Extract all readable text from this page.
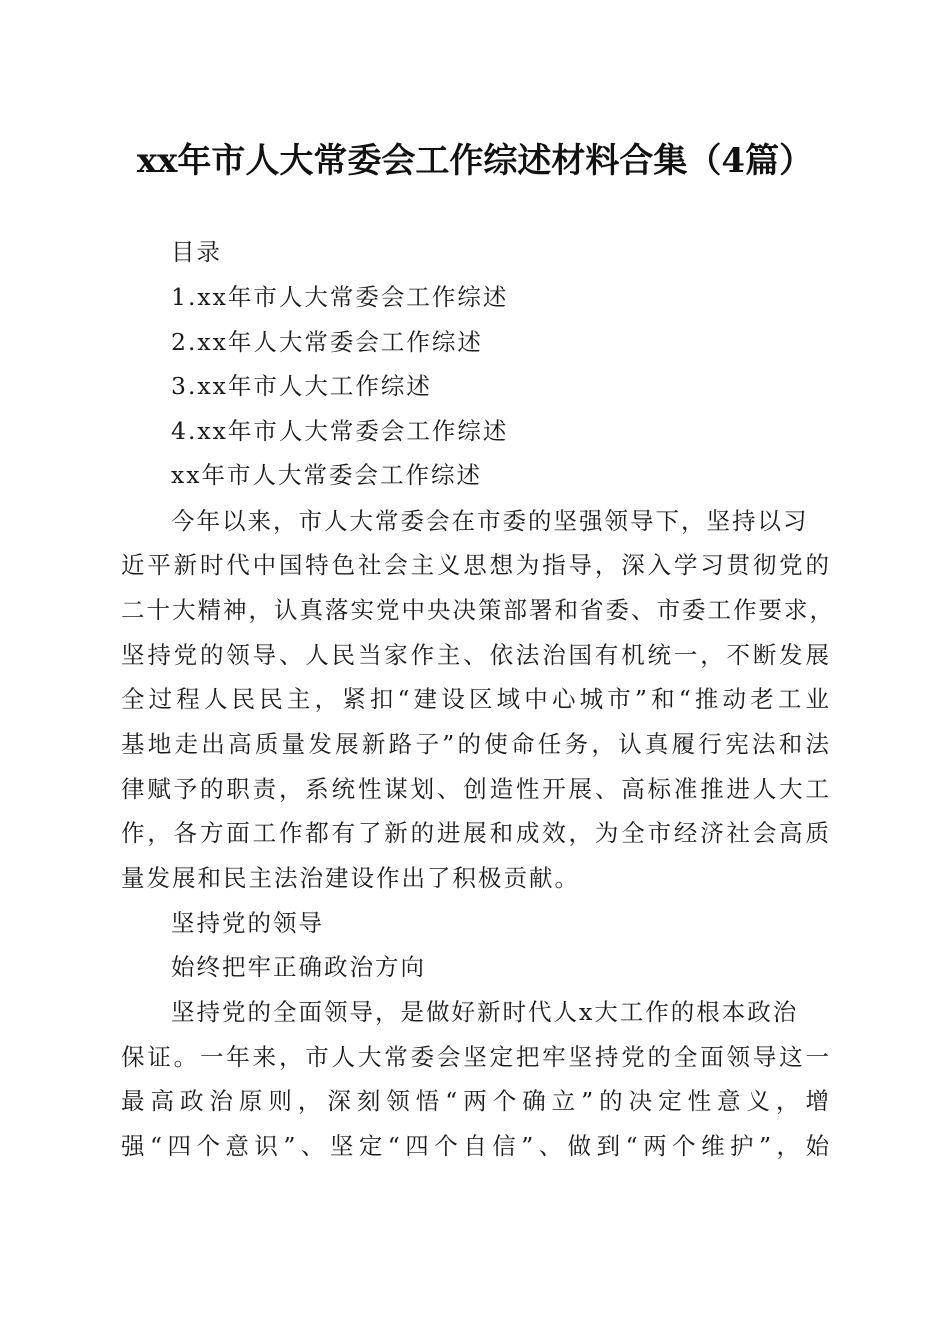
xx年市人大常委会工作综述材料合集（4篇）
目录
1.xx年市人大常委会工作综述
2.xx年人大常委会工作综述
3.xx年市人大工作综述
4.xx年市人大常委会工作综述
xx年市人大常委会工作综述
今年以来，市人大常委会在市委的坚强领导下，坚持以习
近平新时代中国特色社会主义思想为指导，深入学习贯彻党的
二十大精神，认真落实党中央决策部署和省委、市委工作要求，
坚持党的领导、人民当家作主、依法治国有机统一，不断发展
全过程人民民主，紧扣“建设区域中心城市”和“推动老工业
基地走出高质量发展新路子”的使命任务，认真履行宪法和法
律赋予的职责，系统性谋划、创造性开展、高标准推进人大工
作，各方面工作都有了新的进展和成效，为全市经济社会高质
量发展和民主法治建设作出了积极贡献。
坚持党的领导
始终把牢正确政治方向
坚持党的全面领导，是做好新时代人x大工作的根本政治
保证。一年来，市人大常委会坚定把牢坚持党的全面领导这一
最高政治原则，深刻领悟“两个确立”的决定性意义，增
强“四个意识”、坚定“四个自信”、做到“两个维护”，始
